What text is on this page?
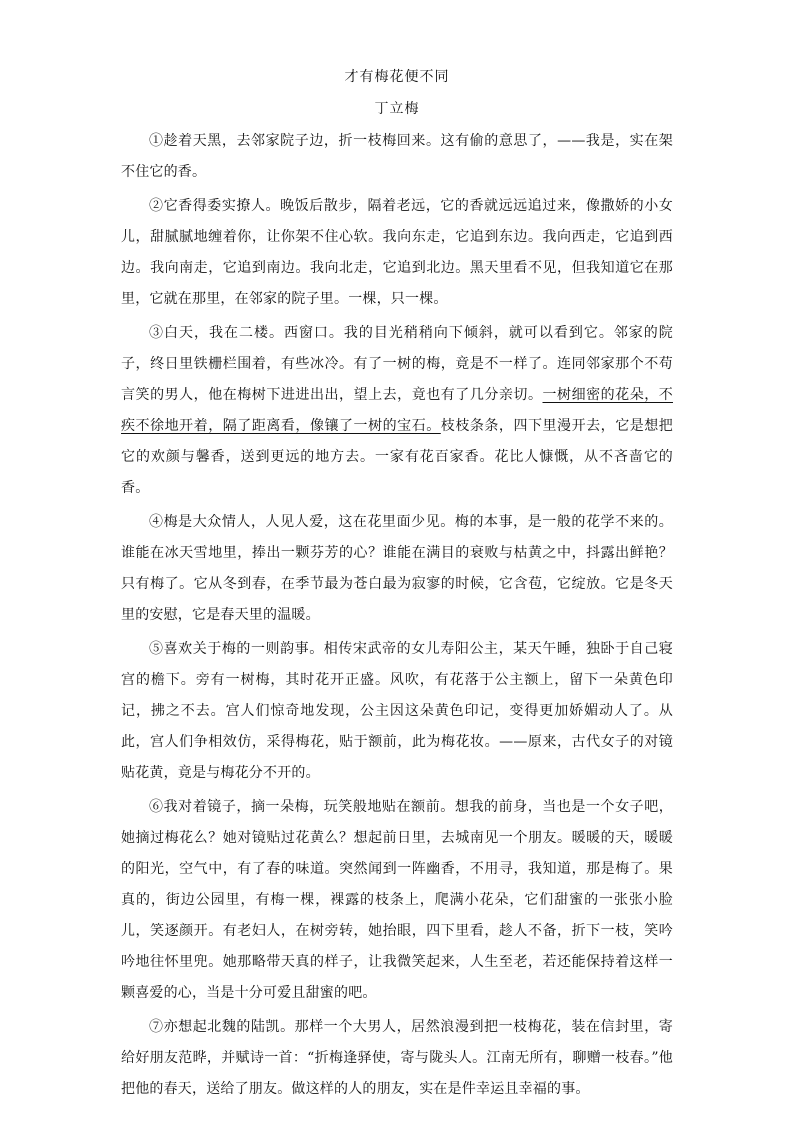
才有梅花便不同
丁立梅

①趁着天黑，去邻家院子边，折一枝梅回来。这有偷的意思了，——我是，实在架不住它的香。

②它香得委实撩人。晚饭后散步，隔着老远，它的香就远远追过来，像撒娇的小女儿，甜腻腻地缠着你，让你架不住心软。我向东走，它追到东边。我向西走，它追到西边。我向南走，它追到南边。我向北走，它追到北边。黑天里看不见，但我知道它在那里，它就在那里，在邻家的院子里。一棵，只一棵。

③白天，我在二楼。西窗口。我的目光稍稍向下倾斜，就可以看到它。邻家的院子，终日里铁栅栏围着，有些冰冷。有了一树的梅，竟是不一样了。连同邻家那个不苟言笑的男人，他在梅树下进进出出，望上去，竟也有了几分亲切。一树细密的花朵，不疾不徐地开着，隔了距离看，像镶了一树的宝石。枝枝条条，四下里漫开去，它是想把它的欢颜与馨香，送到更远的地方去。一家有花百家香。花比人慷慨，从不吝啬它的香。

④梅是大众情人，人见人爱，这在花里面少见。梅的本事，是一般的花学不来的。谁能在冰天雪地里，捧出一颗芬芳的心？谁能在满目的衰败与枯黄之中，抖露出鲜艳？只有梅了。它从冬到春，在季节最为苍白最为寂寥的时候，它含苞，它绽放。它是冬天里的安慰，它是春天里的温暖。

⑤喜欢关于梅的一则韵事。相传宋武帝的女儿寿阳公主，某天午睡，独卧于自己寝宫的檐下。旁有一树梅，其时花开正盛。风吹，有花落于公主额上，留下一朵黄色印记，拂之不去。宫人们惊奇地发现，公主因这朵黄色印记，变得更加娇媚动人了。从此，宫人们争相效仿，采得梅花，贴于额前，此为梅花妆。——原来，古代女子的对镜贴花黄，竟是与梅花分不开的。

⑥我对着镜子，摘一朵梅，玩笑般地贴在额前。想我的前身，当也是一个女子吧，她摘过梅花么？她对镜贴过花黄么？想起前日里，去城南见一个朋友。暖暖的天，暖暖的阳光，空气中，有了春的味道。突然闻到一阵幽香，不用寻，我知道，那是梅了。果真的，街边公园里，有梅一棵，裸露的枝条上，爬满小花朵，它们甜蜜的一张张小脸儿，笑逐颜开。有老妇人，在树旁转，她抬眼，四下里看，趁人不备，折下一枝，笑吟吟地往怀里兜。她那略带天真的样子，让我微笑起来，人生至老，若还能保持着这样一颗喜爱的心，当是十分可爱且甜蜜的吧。

⑦亦想起北魏的陆凯。那样一个大男人，居然浪漫到把一枝梅花，装在信封里，寄给好朋友范晔，并赋诗一首：“折梅逢驿使，寄与陇头人。江南无所有，聊赠一枝春。”他把他的春天，送给了朋友。做这样的人的朋友，实在是件幸运且幸福的事。
